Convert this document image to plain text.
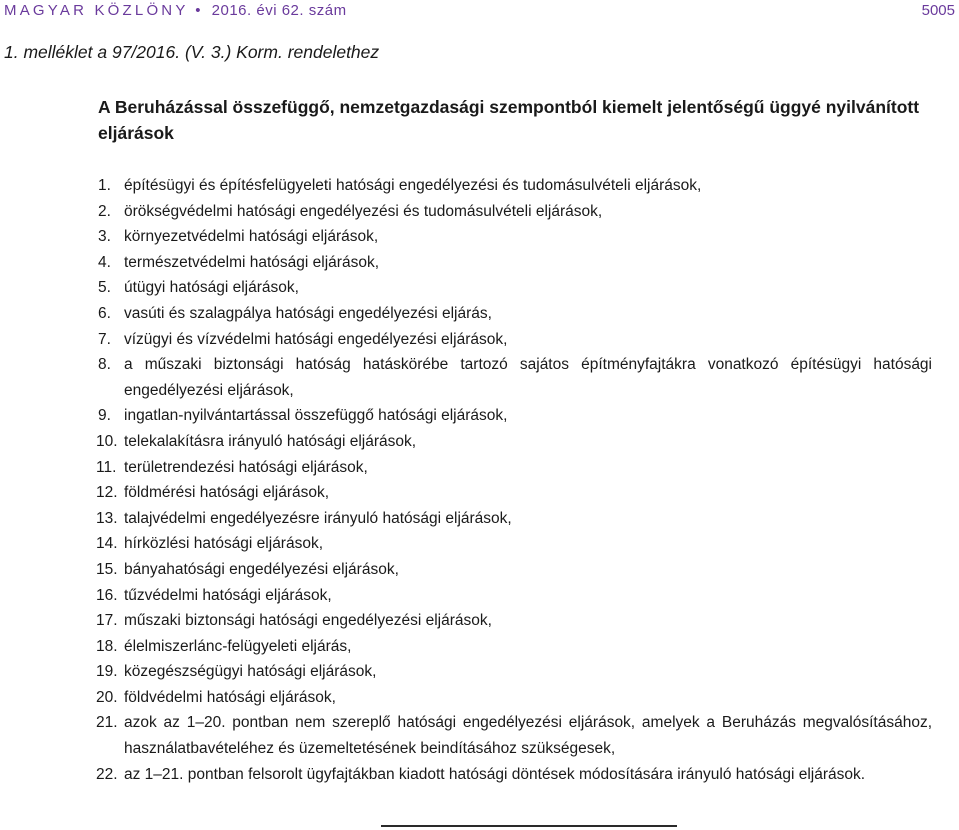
MAGYAR KÖZLÖNY • 2016. évi 62. szám	5005
1. melléklet a 97/2016. (V. 3.) Korm. rendelethez
A Beruházással összefüggő, nemzetgazdasági szempontból kiemelt jelentőségű üggyé nyilvánított eljárások
1. építésügyi és építésfelügyeleti hatósági engedélyezési és tudomásulvételi eljárások,
2. örökségvédelmi hatósági engedélyezési és tudomásulvételi eljárások,
3. környezetvédelmi hatósági eljárások,
4. természetvédelmi hatósági eljárások,
5. útügyi hatósági eljárások,
6. vasúti és szalagpálya hatósági engedélyezési eljárás,
7. vízügyi és vízvédelmi hatósági engedélyezési eljárások,
8. a műszaki biztonsági hatóság hatáskörébe tartozó sajátos építményfajtákra vonatkozó építésügyi hatósági engedélyezési eljárások,
9. ingatlan-nyilvántartással összefüggő hatósági eljárások,
10. telekalakításra irányuló hatósági eljárások,
11. területrendezési hatósági eljárások,
12. földmérési hatósági eljárások,
13. talajvédelmi engedélyezésre irányuló hatósági eljárások,
14. hírközlési hatósági eljárások,
15. bányahatósági engedélyezési eljárások,
16. tűzvédelmi hatósági eljárások,
17. műszaki biztonsági hatósági engedélyezési eljárások,
18. élelmiszerlánc-felügyeleti eljárás,
19. közegészségügyi hatósági eljárások,
20. földvédelmi hatósági eljárások,
21. azok az 1–20. pontban nem szereplő hatósági engedélyezési eljárások, amelyek a Beruházás megvalósításához, használatbavételéhez és üzemeltetésének beindításához szükségesek,
22. az 1–21. pontban felsorolt ügyfajtákban kiadott hatósági döntések módosítására irányuló hatósági eljárások.
